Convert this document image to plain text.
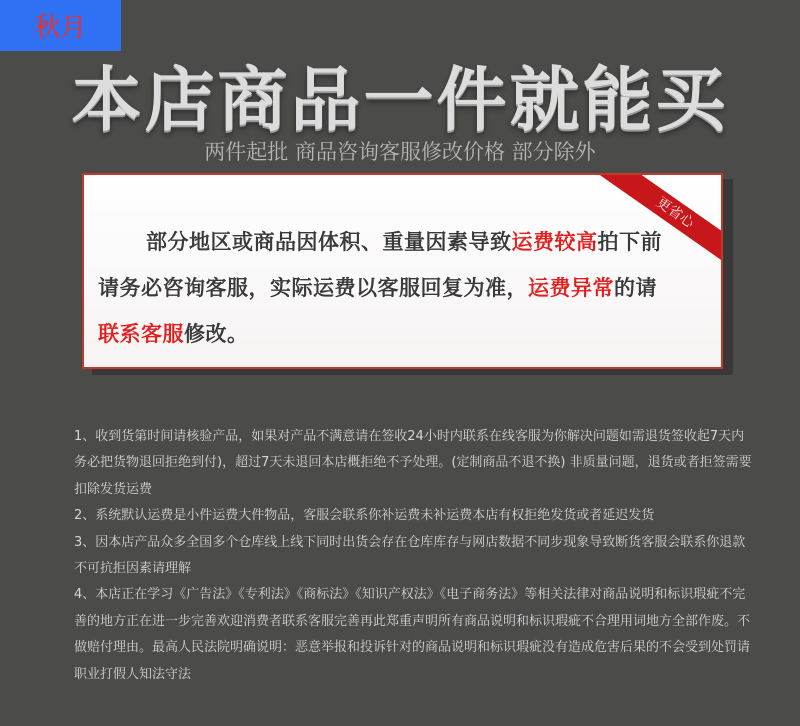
秋月
本店商品一件就能买
两件起批 商品咨询客服修改价格 部分除外
更省心
部分地区或商品因体积、重量因素导致运费较高拍下前
请务必咨询客服，实际运费以客服回复为准，运费异常的请
联系客服修改。

1、收到货第时间请核验产品，如果对产品不满意请在签收24小时内联系在线客服为你解决问题如需退货签收起7天内务必把货物退回拒绝到付)，超过7天未退回本店概拒绝不予处理。(定制商品不退不换) 非质量问题，退货或者拒签需要扣除发货运费

2、系统默认运费是小件运费大件物品，客服会联系你补运费未补运费本店有权拒绝发货或者延迟发货

3、因本店产品众多全国多个仓库线上线下同时出货会存在仓库库存与网店数据不同步现象导致断货客服会联系你退款不可抗拒因素请理解

4、本店正在学习《广告法》《专利法》《商标法》《知识产权法》《电子商务法》等相关法律对商品说明和标识瑕疵不完善的地方正在进一步完善欢迎消费者联系客服完善再此郑重声明所有商品说明和标识瑕疵不合理用词地方全部作废。不做赔付理由。最高人民法院明确说明：恶意举报和投诉针对的商品说明和标识瑕疵没有造成危害后果的不会受到处罚请职业打假人知法守法
